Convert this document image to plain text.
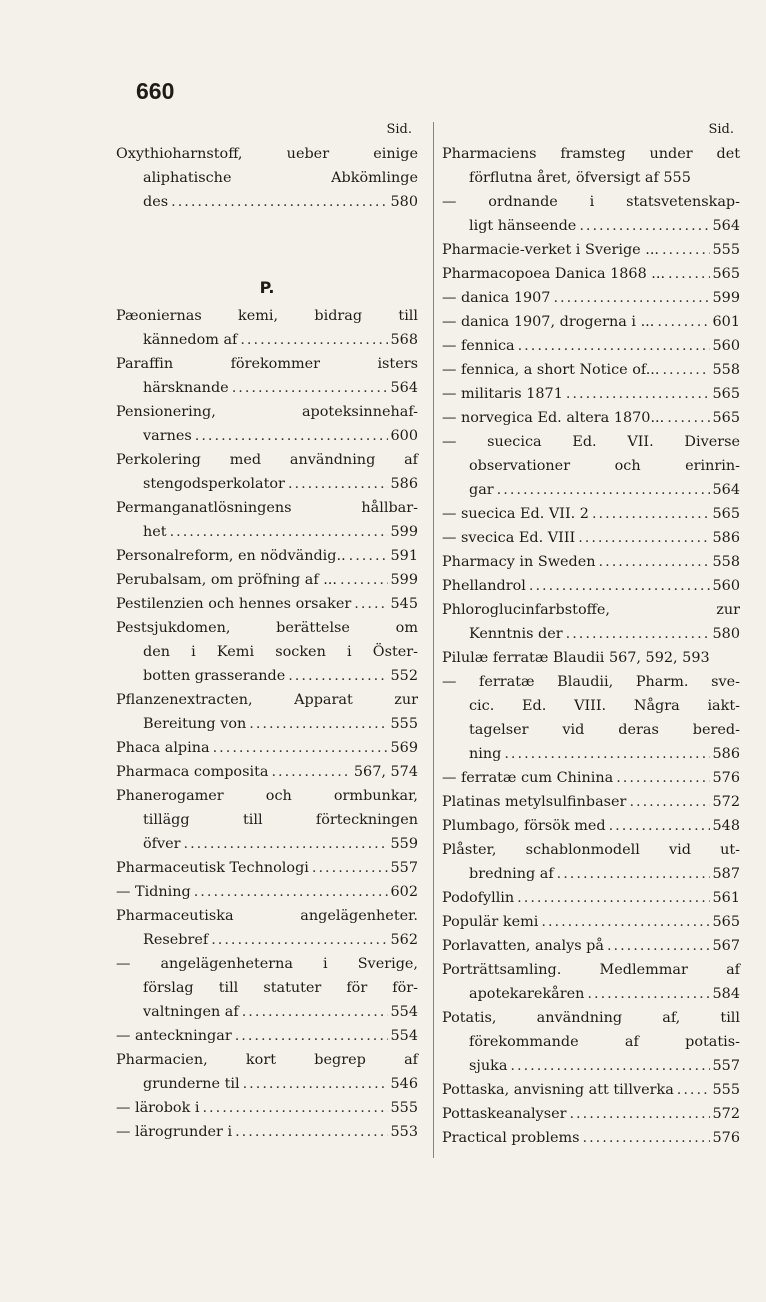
660
Sid.
Oxythioharnstoff, ueber einige
aliphatische Abkömlinge
des .....	580
P.
Pæoniernas kemi, bidrag till
kännedom af .....	568
Paraffin förekommer isters
härsknande .....	564
Pensionering, apoteksinnehaf-
varnes .....	600
Perkolering med användning af
stengodsperkolator .....	586
Permanganatlösningens hållbar-
het .....	599
Personalreform, en nödvändig.. .....	591
Perubalsam, om pröfning af ... .....	599
Pestilenzien och hennes orsaker .....	545
Pestsjukdomen, berättelse om
den i Kemi socken i Öster-
botten grasserande .....	552
Pflanzenextracten, Apparat zur
Bereitung von .....	555
Phaca alpina .....	569
Pharmaca composita .....	567, 574
Phanerogamer och ormbunkar,
tillägg till förteckningen
öfver .....	559
Pharmaceutisk Technologi .....	557
— Tidning .....	602
Pharmaceutiska angelägenheter.
Resebref .....	562
— angelägenheterna i Sverige,
förslag till statuter för för-
valtningen af .....	554
— anteckningar .....	554
Pharmacien, kort begrep af
grunderne til .....	546
— lärobok i .....	555
— lärogrunder i .....	553
Sid.
Pharmaciens framsteg under det
förflutna året, öfversigt af 555
— ordnande i statsvetenskap-
ligt hänseende .....	564
Pharmacie-verket i Sverige ... .....	555
Pharmacopoea Danica 1868 ... .....	565
— danica 1907 .....	599
— danica 1907, drogerna i ... .....	601
— fennica .....	560
— fennica, a short Notice of... .....	558
— militaris 1871 .....	565
— norvegica Ed. altera 1870... .....	565
— suecica Ed. VII. Diverse
observationer och erinrin-
gar .....	564
— suecica Ed. VII. 2 .....	565
— svecica Ed. VIII .....	586
Pharmacy in Sweden .....	558
Phellandrol .....	560
Phloroglucinfarbstoffe, zur
Kenntnis der .....	580
Pilulæ ferratæ Blaudii 567, 592, 593
— ferratæ Blaudii, Pharm. sve-
cic. Ed. VIII. Några iakt-
tagelser vid deras bered-
ning .....	586
— ferratæ cum Chinina .....	576
Platinas metylsulfinbaser .....	572
Plumbago, försök med .....	548
Plåster, schablonmodell vid ut-
bredning af .....	587
Podofyllin .....	561
Populär kemi .....	565
Porlavatten, analys på .....	567
Porträttsamling. Medlemmar af
apotekarekåren .....	584
Potatis, användning af, till
förekommande af potatis-
sjuka .....	557
Pottaska, anvisning att tillverka .....	555
Pottaskeanalyser .....	572
Practical problems .....	576
